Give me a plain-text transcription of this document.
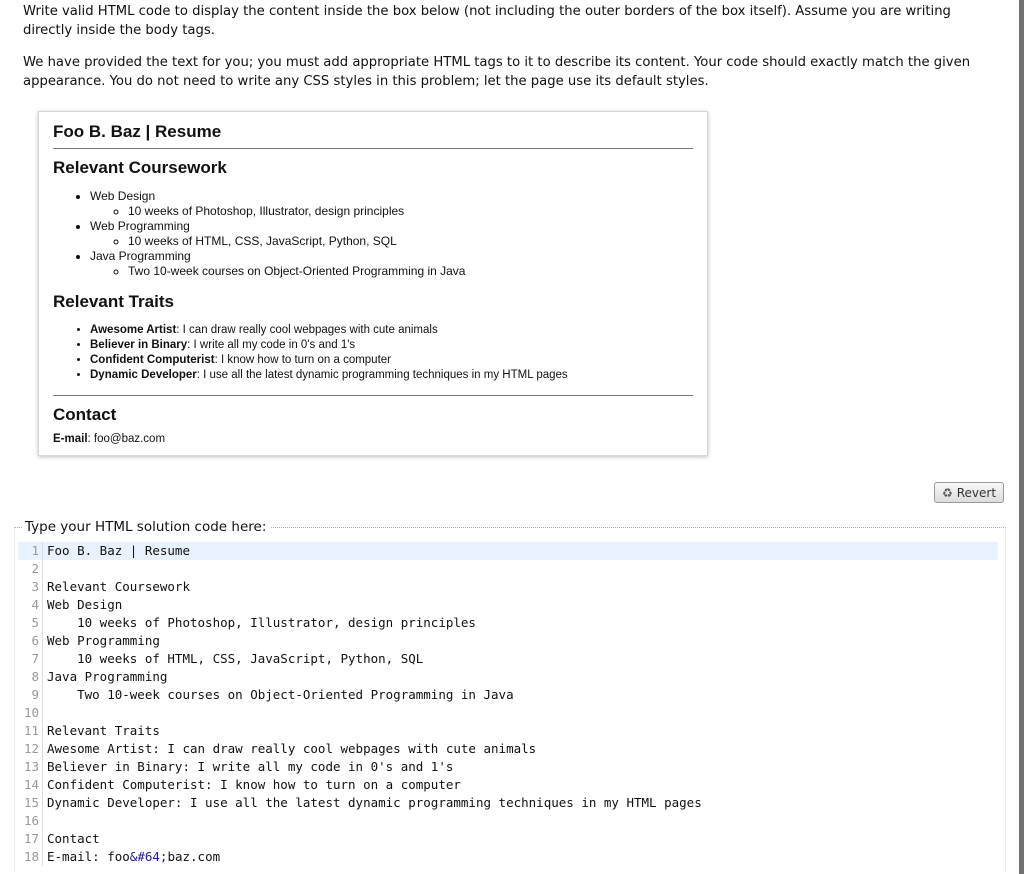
Write valid HTML code to display the content inside the box below (not including the outer borders of the box itself). Assume you are writing directly inside the body tags.

We have provided the text for you; you must add appropriate HTML tags to it to describe its content. Your code should exactly match the given appearance. You do not need to write any CSS styles in this problem; let the page use its default styles.

Foo B. Baz | Resume
Relevant Coursework
• Web Design
◦ 10 weeks of Photoshop, Illustrator, design principles
• Web Programming
◦ 10 weeks of HTML, CSS, JavaScript, Python, SQL
• Java Programming
◦ Two 10-week courses on Object-Oriented Programming in Java
Relevant Traits
• Awesome Artist: I can draw really cool webpages with cute animals
• Believer in Binary: I write all my code in 0's and 1's
• Confident Computerist: I know how to turn on a computer
• Dynamic Developer: I use all the latest dynamic programming techniques in my HTML pages
Contact

E-mail: foo@baz.com

♻ Revert
Type your HTML solution code here:
1 Foo B. Baz | Resume
2
3 Relevant Coursework
4 Web Design
5 10 weeks of Photoshop, Illustrator, design principles
6 Web Programming
7 10 weeks of HTML, CSS, JavaScript, Python, SQL
8 Java Programming
9 Two 10-week courses on Object-Oriented Programming in Java
10
11 Relevant Traits
12 Awesome Artist: I can draw really cool webpages with cute animals
13 Believer in Binary: I write all my code in 0's and 1's
14 Confident Computerist: I know how to turn on a computer
15 Dynamic Developer: I use all the latest dynamic programming techniques in my HTML pages
16
17 Contact
18 E-mail: foo&#64;baz.com
